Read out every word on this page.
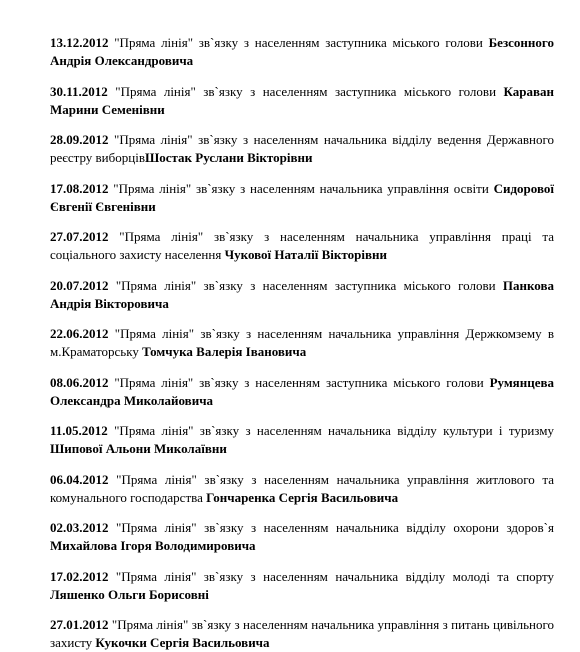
13.12.2012 "Пряма лінія" зв`язку з населенням заступника міського голови Безсонного Андрія Олександровича

30.11.2012 "Пряма лінія" зв`язку з населенням заступника міського голови Караван Марини Семенівни

28.09.2012 "Пряма лінія" зв`язку з населенням начальника відділу ведення Державного реєстру виборцівШостак Руслани Вікторівни

17.08.2012 "Пряма лінія" зв`язку з населенням начальника управління освіти Сидорової Євгенії Євгенівни

27.07.2012 "Пряма лінія" зв`язку з населенням начальника управління праці та соціального захисту населення Чукової Наталії Вікторівни

20.07.2012 "Пряма лінія" зв`язку з населенням заступника міського голови Панкова Андрія Вікторовича

22.06.2012 "Пряма лінія" зв`язку з населенням начальника управління Держкомзему в м.Краматорську Томчука Валерія Івановича

08.06.2012 "Пряма лінія" зв`язку з населенням заступника міського голови Румянцева Олександра Миколайовича

11.05.2012 "Пряма лінія" зв`язку з населенням начальника відділу культури і туризму Шипової Альони Миколаївни

06.04.2012 "Пряма лінія" зв`язку з населенням начальника управління житлового та комунального господарства Гончаренка Сергія Васильовича

02.03.2012 "Пряма лінія" зв`язку з населенням начальника відділу охорони здоров`я Михайлова Ігоря Володимировича

17.02.2012 "Пряма лінія" зв`язку з населенням начальника відділу молоді та спорту Ляшенко Ольги Борисовні

27.01.2012 "Пряма лінія" зв`язку з населенням начальника управління з питань цивільного захисту Кукочки Сергія Васильовича
